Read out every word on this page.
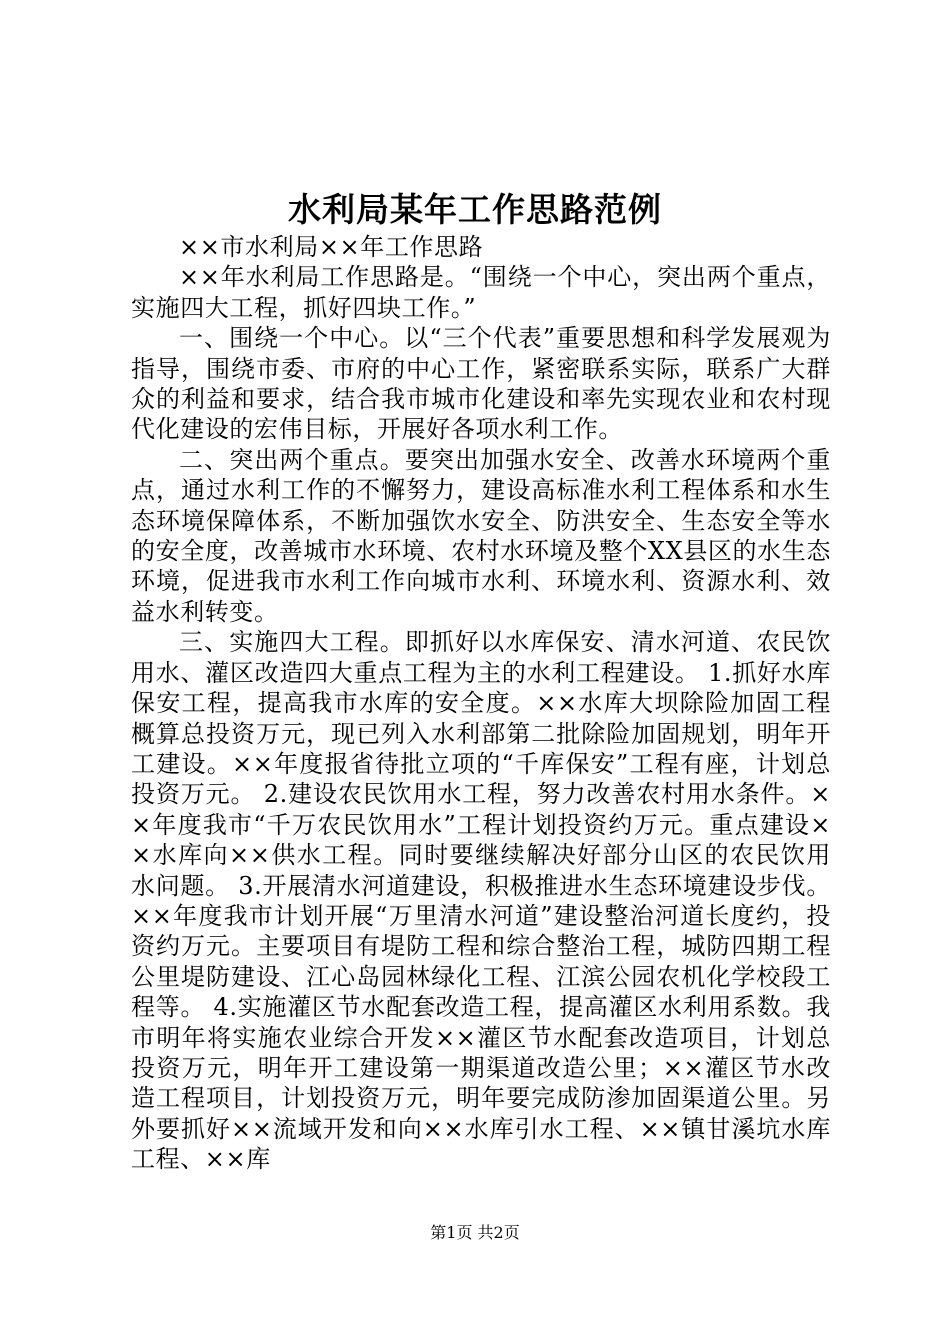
水利局某年工作思路范例

××市水利局××年工作思路

××年水利局工作思路是。“围绕一个中心，突出两个重点，实施四大工程，抓好四块工作。”

一、围绕一个中心。以“三个代表”重要思想和科学发展观为指导，围绕市委、市府的中心工作，紧密联系实际，联系广大群众的利益和要求，结合我市城市化建设和率先实现农业和农村现代化建设的宏伟目标，开展好各项水利工作。

二、突出两个重点。要突出加强水安全、改善水环境两个重点，通过水利工作的不懈努力，建设高标准水利工程体系和水生态环境保障体系，不断加强饮水安全、防洪安全、生态安全等水的安全度，改善城市水环境、农村水环境及整个XX县区的水生态环境，促进我市水利工作向城市水利、环境水利、资源水利、效益水利转变。

三、实施四大工程。即抓好以水库保安、清水河道、农民饮用水、灌区改造四大重点工程为主的水利工程建设。 1.抓好水库保安工程，提高我市水库的安全度。××水库大坝除险加固工程概算总投资万元，现已列入水利部第二批除险加固规划，明年开工建设。××年度报省待批立项的“千库保安”工程有座，计划总投资万元。 2.建设农民饮用水工程，努力改善农村用水条件。××年度我市“千万农民饮用水”工程计划投资约万元。重点建设××水库向××供水工程。同时要继续解决好部分山区的农民饮用水问题。 3.开展清水河道建设，积极推进水生态环境建设步伐。××年度我市计划开展“万里清水河道”建设整治河道长度约，投资约万元。主要项目有堤防工程和综合整治工程，城防四期工程公里堤防建设、江心岛园林绿化工程、江滨公园农机化学校段工程等。 4.实施灌区节水配套改造工程，提高灌区水利用系数。我市明年将实施农业综合开发××灌区节水配套改造项目，计划总投资万元，明年开工建设第一期渠道改造公里；××灌区节水改造工程项目，计划投资万元，明年要完成防渗加固渠道公里。另外要抓好××流域开发和向××水库引水工程、××镇甘溪坑水库工程、××库

第1页 共2页
